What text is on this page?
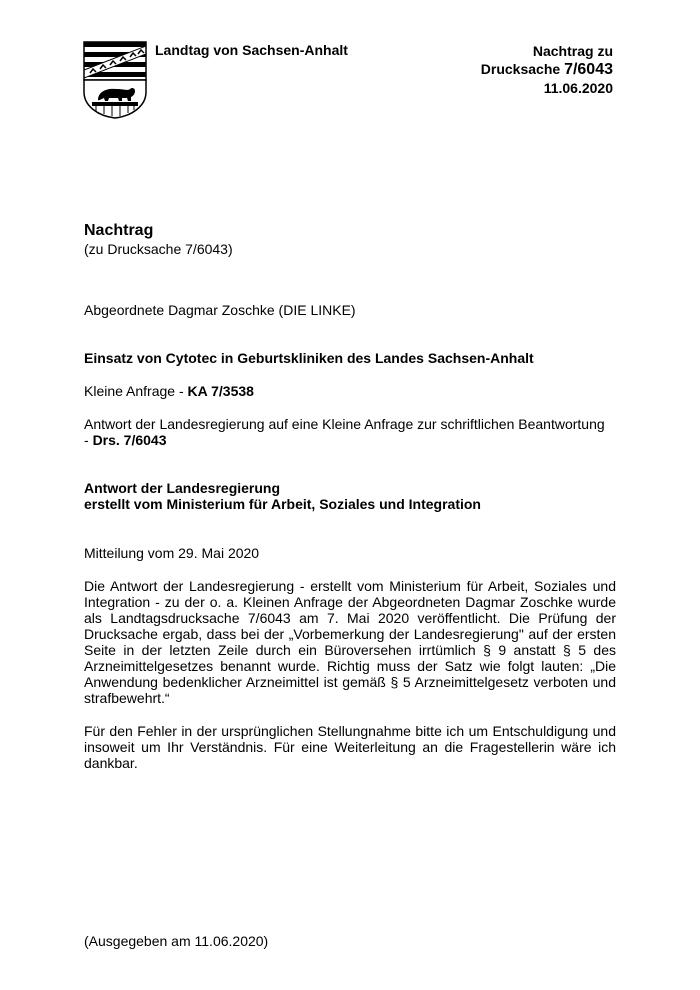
Landtag von Sachsen-Anhalt	Nachtrag zu
Drucksache 7/6043
11.06.2020
Nachtrag
(zu Drucksache 7/6043)
Abgeordnete Dagmar Zoschke (DIE LINKE)
Einsatz von Cytotec in Geburtskliniken des Landes Sachsen-Anhalt
Kleine Anfrage - KA 7/3538
Antwort der Landesregierung auf eine Kleine Anfrage zur schriftlichen Beantwortung
- Drs. 7/6043
Antwort der Landesregierung
erstellt vom Ministerium für Arbeit, Soziales und Integration
Mitteilung vom 29. Mai 2020
Die Antwort der Landesregierung - erstellt vom Ministerium für Arbeit, Soziales und Integration - zu der o. a. Kleinen Anfrage der Abgeordneten Dagmar Zoschke wurde als Landtagsdrucksache 7/6043 am 7. Mai 2020 veröffentlicht. Die Prüfung der Drucksache ergab, dass bei der „Vorbemerkung der Landesregierung" auf der ersten Seite in der letzten Zeile durch ein Büroversehen irrtümlich § 9 anstatt § 5 des Arzneimittelgesetzes benannt wurde. Richtig muss der Satz wie folgt lauten: „Die Anwendung bedenklicher Arzneimittel ist gemäß § 5 Arzneimittelgesetz verboten und strafbewehrt.“
Für den Fehler in der ursprünglichen Stellungnahme bitte ich um Entschuldigung und insoweit um Ihr Verständnis. Für eine Weiterleitung an die Fragestellerin wäre ich dankbar.
(Ausgegeben am 11.06.2020)
